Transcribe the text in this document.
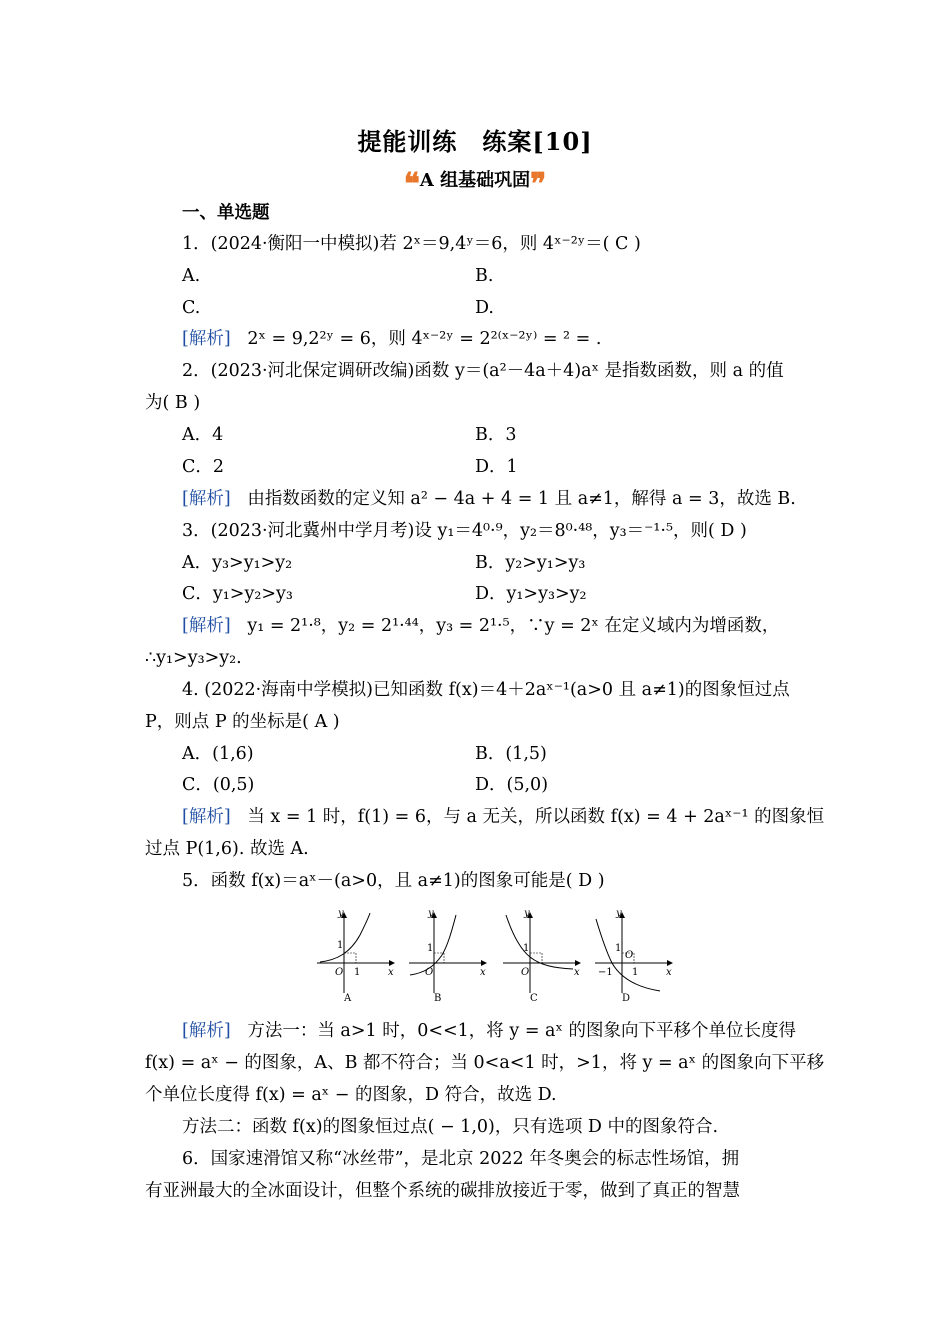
提能训练　练案[10]
❝A 组基础巩固❞
一、单选题
1．(2024·衡阳一中模拟)若 2ˣ＝9,4ʸ＝6，则 4ˣ⁻²ʸ＝( C )
A.	B.
C.	D.
[解析] 2ˣ = 9,2²ʸ = 6，则 4ˣ⁻²ʸ = 2²⁽ˣ⁻²ʸ⁾ = ² = .
2．(2023·河北保定调研改编)函数 y＝(a²－4a＋4)aˣ 是指数函数，则 a 的值
为( B )
A．4	B．3
C．2	D．1
[解析] 由指数函数的定义知 a² − 4a + 4 = 1 且 a≠1，解得 a = 3，故选 B.
3．(2023·河北冀州中学月考)设 y₁＝4⁰·⁹，y₂＝8⁰·⁴⁸，y₃＝⁻¹·⁵，则( D )
A．y₃>y₁>y₂	B．y₂>y₁>y₃
C．y₁>y₂>y₃	D．y₁>y₃>y₂
[解析] y₁ = 2¹·⁸，y₂ = 2¹·⁴⁴，y₃ = 2¹·⁵，∵y = 2ˣ 在定义域内为增函数，
∴y₁>y₃>y₂.
4. (2022·海南中学模拟)已知函数 f(x)＝4＋2aˣ⁻¹(a>0 且 a≠1)的图象恒过点
P，则点 P 的坐标是( A )
A．(1,6)	B．(1,5)
C．(0,5)	D．(5,0)
[解析] 当 x = 1 时，f(1) = 6，与 a 无关，所以函数 f(x) = 4 + 2aˣ⁻¹ 的图象恒
过点 P(1,6). 故选 A.
5．函数 f(x)＝aˣ－(a>0，且 a≠1)的图象可能是( D )
y
x
O
1
1
A
y
x
O
1
B
y
x
O
1
C
y
x
O
1
−1 1
D
[解析] 方法一：当 a>1 时，0<<1，将 y = aˣ 的图象向下平移个单位长度得
f(x) = aˣ − 的图象，A、B 都不符合；当 0<a<1 时，>1，将 y = aˣ 的图象向下平移
个单位长度得 f(x) = aˣ − 的图象，D 符合，故选 D.
方法二：函数 f(x)的图象恒过点( − 1,0)，只有选项 D 中的图象符合.
6．国家速滑馆又称“冰丝带”，是北京 2022 年冬奥会的标志性场馆，拥
有亚洲最大的全冰面设计，但整个系统的碳排放接近于零，做到了真正的智慧
